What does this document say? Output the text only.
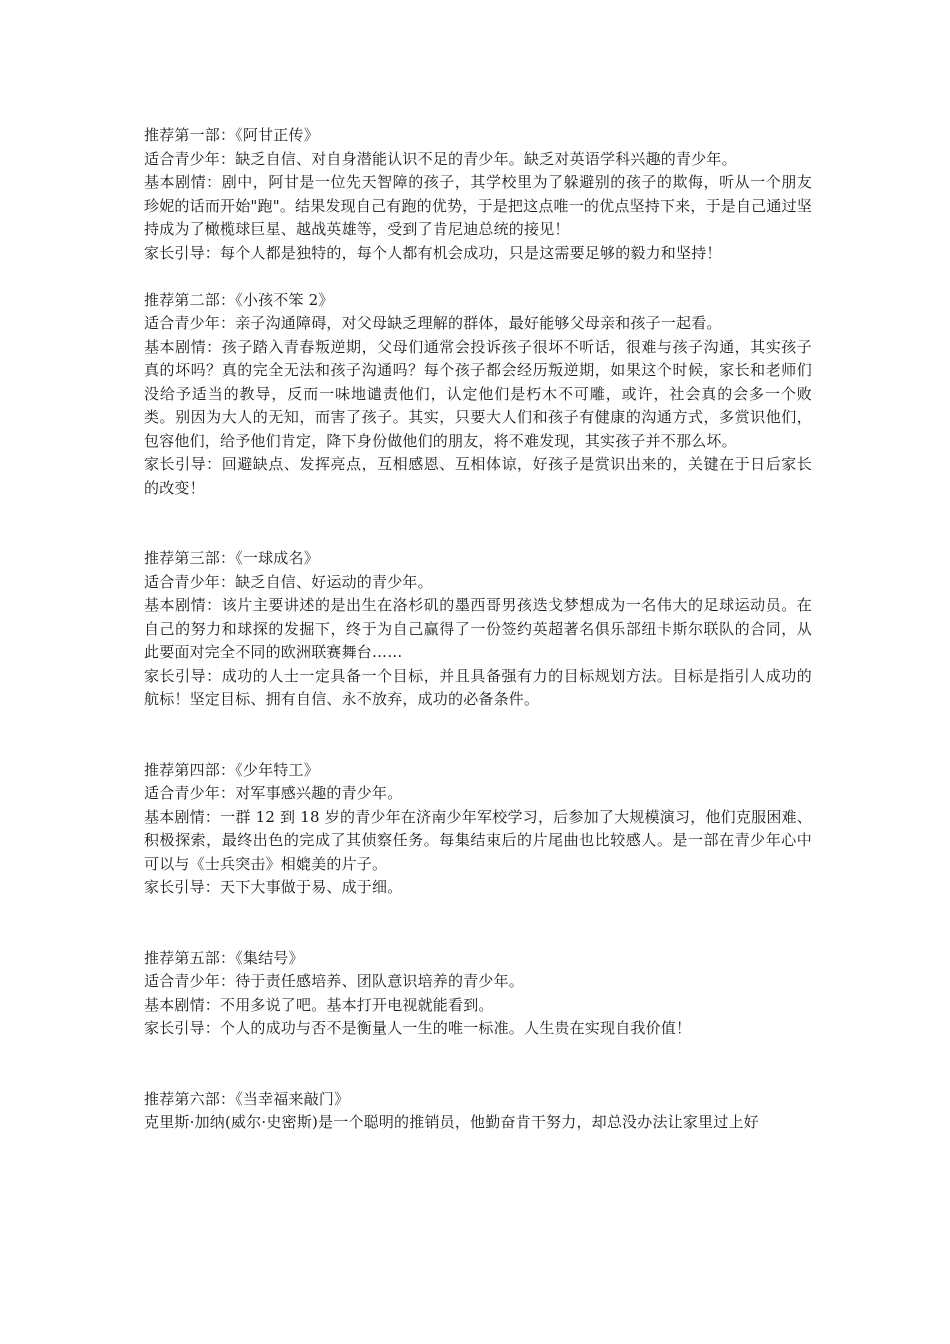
推荐第一部：《阿甘正传》

适合青少年：缺乏自信、对自身潜能认识不足的青少年。缺乏对英语学科兴趣的青少年。

基本剧情：剧中，阿甘是一位先天智障的孩子，其学校里为了躲避别的孩子的欺侮，听从一个朋友珍妮的话而开始"跑"。结果发现自己有跑的优势，于是把这点唯一的优点坚持下来，于是自己通过坚持成为了橄榄球巨星、越战英雄等，受到了肯尼迪总统的接见！

家长引导：每个人都是独特的，每个人都有机会成功，只是这需要足够的毅力和坚持！

推荐第二部：《小孩不笨 2》

适合青少年：亲子沟通障碍，对父母缺乏理解的群体，最好能够父母亲和孩子一起看。

基本剧情：孩子踏入青春叛逆期，父母们通常会投诉孩子很坏不听话，很难与孩子沟通，其实孩子真的坏吗？真的完全无法和孩子沟通吗？每个孩子都会经历叛逆期，如果这个时候，家长和老师们没给予适当的教导，反而一味地谴责他们，认定他们是朽木不可雕，或许，社会真的会多一个败类。别因为大人的无知，而害了孩子。其实，只要大人们和孩子有健康的沟通方式，多赏识他们，包容他们，给予他们肯定，降下身份做他们的朋友，将不难发现，其实孩子并不那么坏。

家长引导：回避缺点、发挥亮点，互相感恩、互相体谅，好孩子是赏识出来的，关键在于日后家长的改变！

推荐第三部：《一球成名》

适合青少年：缺乏自信、好运动的青少年。

基本剧情：该片主要讲述的是出生在洛杉矶的墨西哥男孩迭戈梦想成为一名伟大的足球运动员。在自己的努力和球探的发掘下，终于为自己赢得了一份签约英超著名俱乐部纽卡斯尔联队的合同，从此要面对完全不同的欧洲联赛舞台……

家长引导：成功的人士一定具备一个目标，并且具备强有力的目标规划方法。目标是指引人成功的航标！坚定目标、拥有自信、永不放弃，成功的必备条件。

推荐第四部：《少年特工》

适合青少年：对军事感兴趣的青少年。

基本剧情：一群 12 到 18 岁的青少年在济南少年军校学习，后参加了大规模演习，他们克服困难、积极探索，最终出色的完成了其侦察任务。每集结束后的片尾曲也比较感人。是一部在青少年心中可以与《士兵突击》相媲美的片子。

家长引导：天下大事做于易、成于细。

推荐第五部：《集结号》

适合青少年：待于责任感培养、团队意识培养的青少年。

基本剧情：不用多说了吧。基本打开电视就能看到。

家长引导：个人的成功与否不是衡量人一生的唯一标准。人生贵在实现自我价值！

推荐第六部：《当幸福来敲门》

克里斯·加纳(威尔·史密斯)是一个聪明的推销员，他勤奋肯干努力，却总没办法让家里过上好
